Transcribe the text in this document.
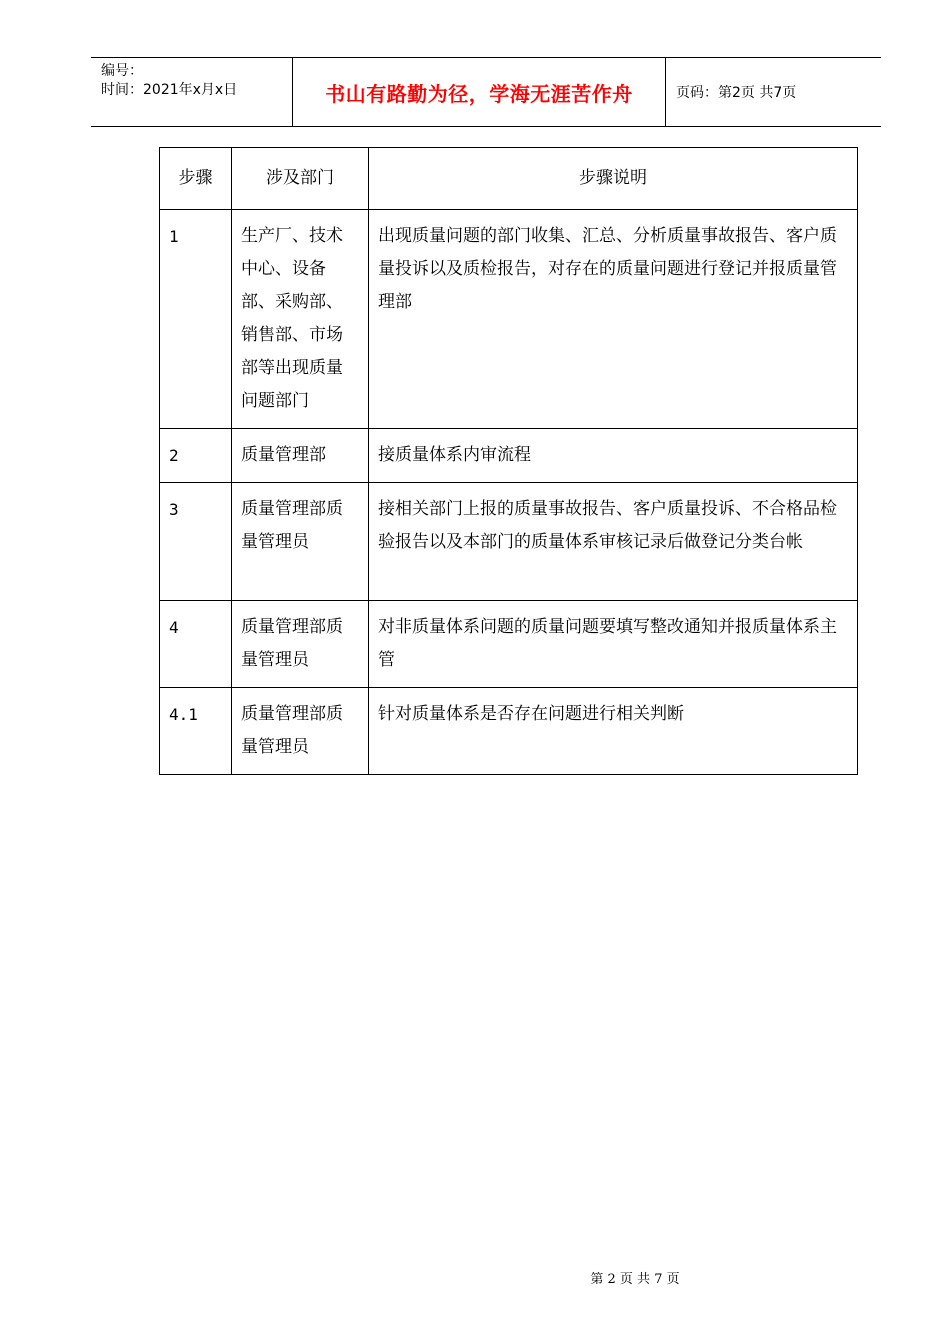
编号：
时间：2021年x月x日	书山有路勤为径，学海无涯苦作舟	页码：第2页 共7页
步骤	涉及部门	步骤说明
1	生产厂、技术中心、设备部、采购部、销售部、市场部等出现质量问题部门	出现质量问题的部门收集、汇总、分析质量事故报告、客户质量投诉以及质检报告，对存在的质量问题进行登记并报质量管理部
2	质量管理部	接质量体系内审流程
3	质量管理部质量管理员	接相关部门上报的质量事故报告、客户质量投诉、不合格品检验报告以及本部门的质量体系审核记录后做登记分类台帐
4	质量管理部质量管理员	对非质量体系问题的质量问题要填写整改通知并报质量体系主管
4.1	质量管理部质量管理员	针对质量体系是否存在问题进行相关判断
第 2 页 共 7 页
